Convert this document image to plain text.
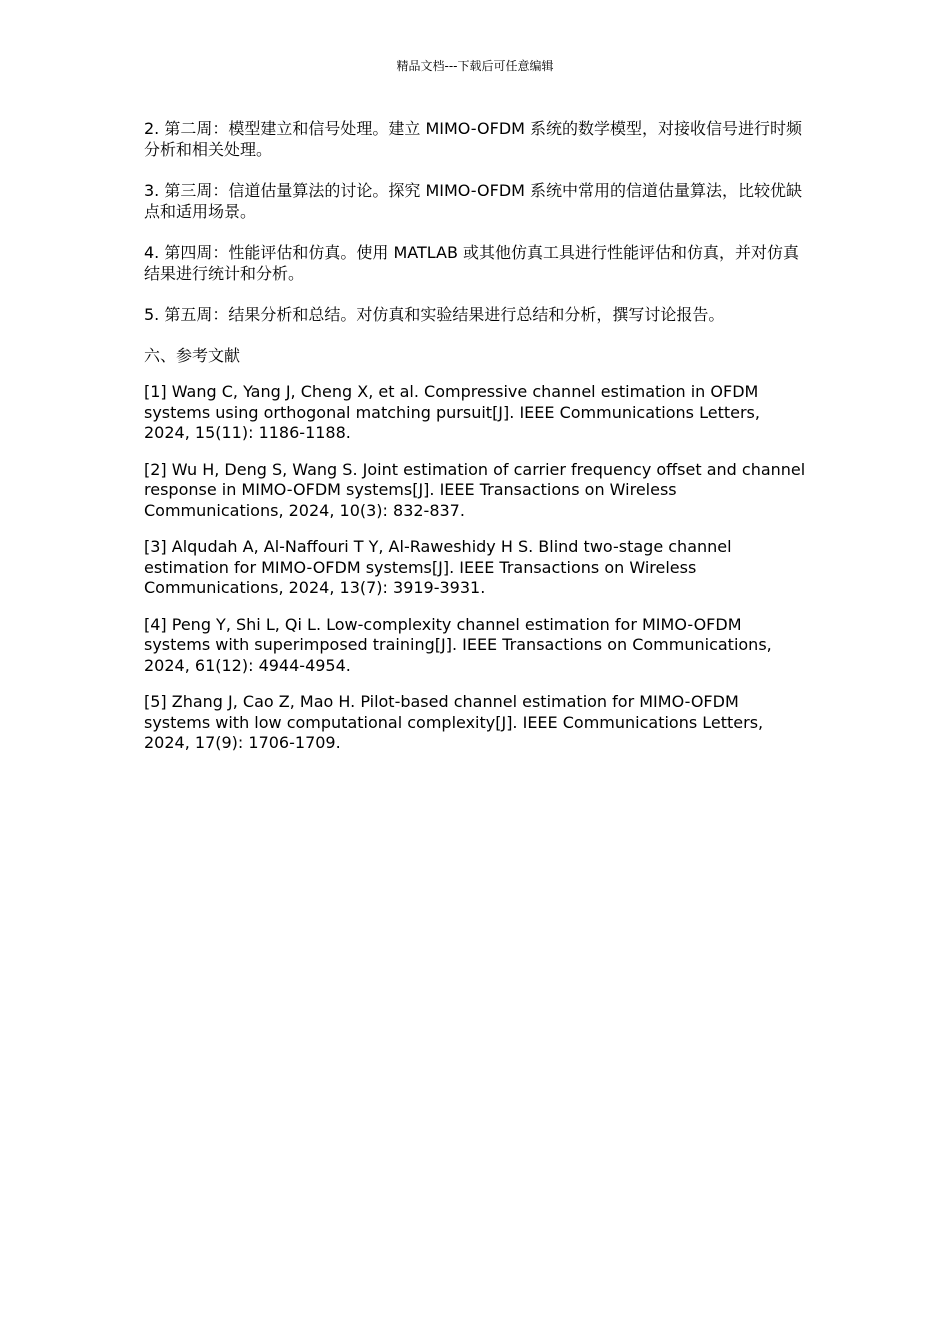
精品文档---下载后可任意编辑

2. 第二周：模型建立和信号处理。建立 MIMO-OFDM 系统的数学模型，对接收信号进行时频分析和相关处理。

3. 第三周：信道估量算法的讨论。探究 MIMO-OFDM 系统中常用的信道估量算法，比较优缺点和适用场景。

4. 第四周：性能评估和仿真。使用 MATLAB 或其他仿真工具进行性能评估和仿真，并对仿真结果进行统计和分析。

5. 第五周：结果分析和总结。对仿真和实验结果进行总结和分析，撰写讨论报告。

六、参考文献

[1] Wang C, Yang J, Cheng X, et al. Compressive channel estimation in OFDM systems using orthogonal matching pursuit[J]. IEEE Communications Letters, 2024, 15(11): 1186-1188.

[2] Wu H, Deng S, Wang S. Joint estimation of carrier frequency offset and channel response in MIMO-OFDM systems[J]. IEEE Transactions on Wireless Communications, 2024, 10(3): 832-837.

[3] Alqudah A, Al-Naffouri T Y, Al-Raweshidy H S. Blind two-stage channel estimation for MIMO-OFDM systems[J]. IEEE Transactions on Wireless Communications, 2024, 13(7): 3919-3931.

[4] Peng Y, Shi L, Qi L. Low-complexity channel estimation for MIMO-OFDM systems with superimposed training[J]. IEEE Transactions on Communications, 2024, 61(12): 4944-4954.

[5] Zhang J, Cao Z, Mao H. Pilot-based channel estimation for MIMO-OFDM systems with low computational complexity[J]. IEEE Communications Letters, 2024, 17(9): 1706-1709.
